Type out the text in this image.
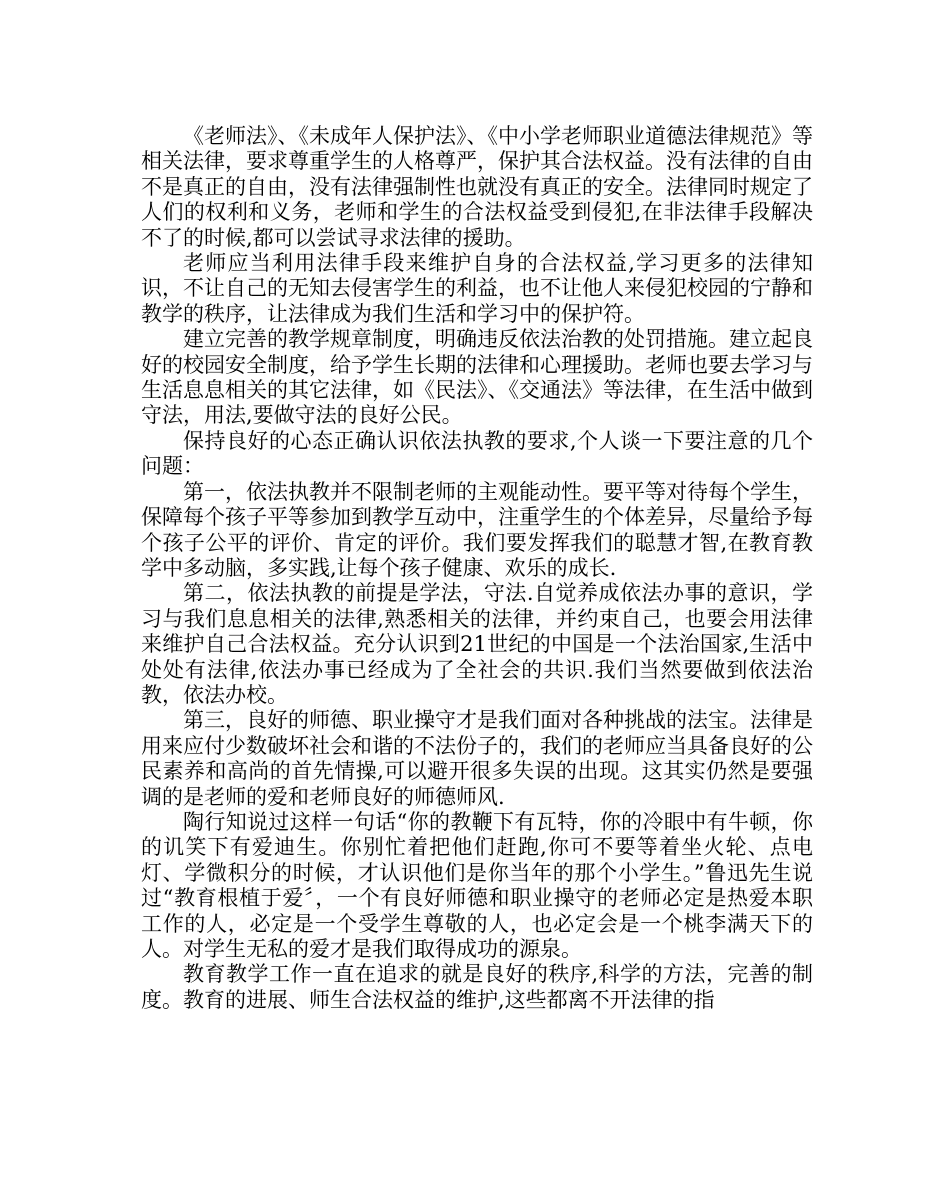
《老师法》、《未成年人保护法》、《中小学老师职业道德法律规范》等相关法律，要求尊重学生的人格尊严，保护其合法权益。没有法律的自由不是真正的自由，没有法律强制性也就没有真正的安全。法律同时规定了人们的权利和义务，老师和学生的合法权益受到侵犯,在非法律手段解决不了的时候,都可以尝试寻求法律的援助。

老师应当利用法律手段来维护自身的合法权益,学习更多的法律知识，不让自己的无知去侵害学生的利益，也不让他人来侵犯校园的宁静和教学的秩序，让法律成为我们生活和学习中的保护符。

建立完善的教学规章制度，明确违反依法治教的处罚措施。建立起良好的校园安全制度，给予学生长期的法律和心理援助。老师也要去学习与生活息息相关的其它法律，如《民法》、《交通法》等法律，在生活中做到守法，用法,要做守法的良好公民。

保持良好的心态正确认识依法执教的要求,个人谈一下要注意的几个问题：

第一，依法执教并不限制老师的主观能动性。要平等对待每个学生，保障每个孩子平等参加到教学互动中，注重学生的个体差异，尽量给予每个孩子公平的评价、肯定的评价。我们要发挥我们的聪慧才智,在教育教学中多动脑，多实践,让每个孩子健康、欢乐的成长.

第二，依法执教的前提是学法，守法.自觉养成依法办事的意识，学习与我们息息相关的法律,熟悉相关的法律，并约束自己，也要会用法律来维护自己合法权益。充分认识到21世纪的中国是一个法治国家,生活中处处有法律,依法办事已经成为了全社会的共识.我们当然要做到依法治教，依法办校。

第三，良好的师德、职业操守才是我们面对各种挑战的法宝。法律是用来应付少数破坏社会和谐的不法份子的，我们的老师应当具备良好的公民素养和高尚的首先情操,可以避开很多失误的出现。这其实仍然是要强调的是老师的爱和老师良好的师德师风.

陶行知说过这样一句话“你的教鞭下有瓦特，你的冷眼中有牛顿，你的讥笑下有爱迪生。你别忙着把他们赶跑,你可不要等着坐火轮、点电灯、学微积分的时候，才认识他们是你当年的那个小学生。”鲁迅先生说过“教育根植于爱〞，一个有良好师德和职业操守的老师必定是热爱本职工作的人，必定是一个受学生尊敬的人，也必定会是一个桃李满天下的人。对学生无私的爱才是我们取得成功的源泉。

教育教学工作一直在追求的就是良好的秩序,科学的方法，完善的制度。教育的进展、师生合法权益的维护,这些都离不开法律的指
